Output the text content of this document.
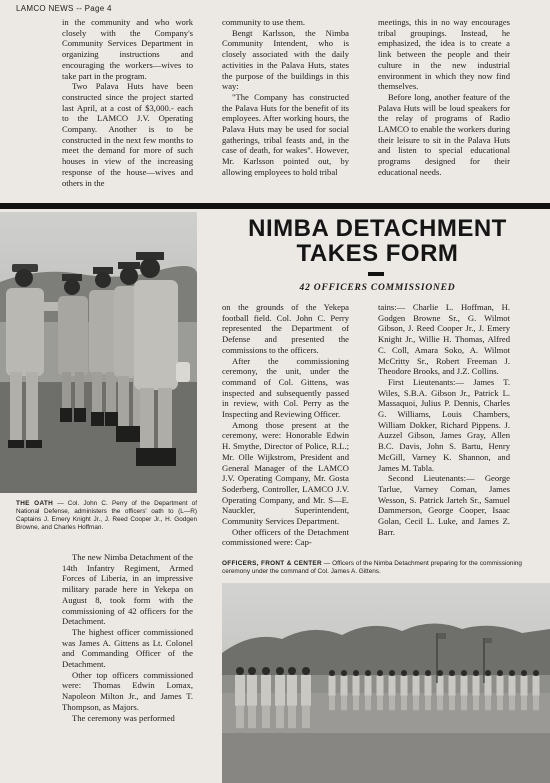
LAMCO NEWS -- Page 4

in the community and who work closely with the Company's Community Services Department in organizing instructions and encouraging the workers—wives to take part in the program.

Two Palava Huts have been constructed since the project started last April, at a cost of $3,000.- each to the LAMCO J.V. Operating Company. Another is to be constructed in the next few months to meet the demand for more of such houses in view of the increasing response of the house—wives and others in the

community to use them.

Bengt Karlsson, the Nimba Community Intendent, who is closely associated with the daily activities in the Palava Huts, states the purpose of the buildings in this way:

"The Company has constructed the Palava Huts for the benefit of its employees. After working hours, the Palava Huts may be used for social gatherings, tribal feasts and, in the case of death, for wakes". However, Mr. Karlsson pointed out, by allowing employees to hold tribal

meetings, this in no way encourages tribal groupings. Instead, he emphasized, the idea is to create a link between the people and their culture in the new industrial environment in which they now find themselves.

Before long, another feature of the Palava Huts will be loud speakers for the relay of programs of Radio LAMCO to enable the workers during their leisure to sit in the Palava Huts and listen to special educational programs designed for their educational needs.

THE OATH — Col. John C. Perry of the Department of National Defense, administers the officers' oath to (L—R) Captains J. Emery Knight Jr., J. Reed Cooper Jr., H. Godgen Browne, and Charles Hoffman.
NIMBA DETACHMENT
TAKES FORM
42 OFFICERS COMMISSIONED

The new Nimba Detachment of the 14th Infantry Regiment, Armed Forces of Liberia, in an impressive military parade here in Yekepa on August 8, took form with the commissioning of 42 officers for the Detachment.

The highest officer commissioned was James A. Gittens as Lt. Colonel and Commanding Officer of the Detachment.

Other top officers commissioned were: Thomas Edwin Lomax, Napoleon Milton Jr., and James T. Thompson, as Majors.

The ceremony was performed

on the grounds of the Yekepa football field. Col. John C. Perry represented the Department of Defense and presented the commissions to the officers.

After the commissioning ceremony, the unit, under the command of Col. Gittens, was inspected and subsequently passed in review, with Col. Perry as the Inspecting and Reviewing Officer.

Among those present at the ceremony, were: Honorable Edwin H. Smythe, Director of Police, R.L.; Mr. Olle Wijkstrom, President and General Manager of the LAMCO J.V. Operating Company, Mr. Gosta Soderberg, Controller, LAMCO J.V. Operating Company, and Mr. S—E. Nauckler, Superintendent, Community Services Department.

Other officers of the Detachment commissioned were: Cap-

tains:— Charlie L. Hoffman, H. Godgen Browne Sr., G. Wilmot Gibson, J. Reed Cooper Jr., J. Emery Knight Jr., Willie H. Thomas, Alfred C. Coll, Amara Soko, A. Wilmot McCritty Sr., Robert Freeman J. Theodore Brooks, and J.Z. Collins.

First Lieutenants:— James T. Wiles, S.B.A. Gibson Jr., Patrick L. Massaquoi, Julius P. Dennis, Charles G. Williams, Louis Chambers, William Dokker, Richard Pippens. J. Auzzel Gibson, James Gray, Allen B.C. Davis, John S. Bartu, Henry McGill, Varney K. Shannon, and James M. Tabla.

Second Lieutenants:— George Tarlue, Varney Coman, James Wesson, S. Patrick Jarteh Sr., Samuel Dammerson, George Cooper, Isaac Golan, Cecil L. Luke, and James Z. Barr.

OFFICERS, FRONT & CENTER — Officers of the Nimba Detachment preparing for the commissioning ceremony under the command of Col. James A. Gittens.
